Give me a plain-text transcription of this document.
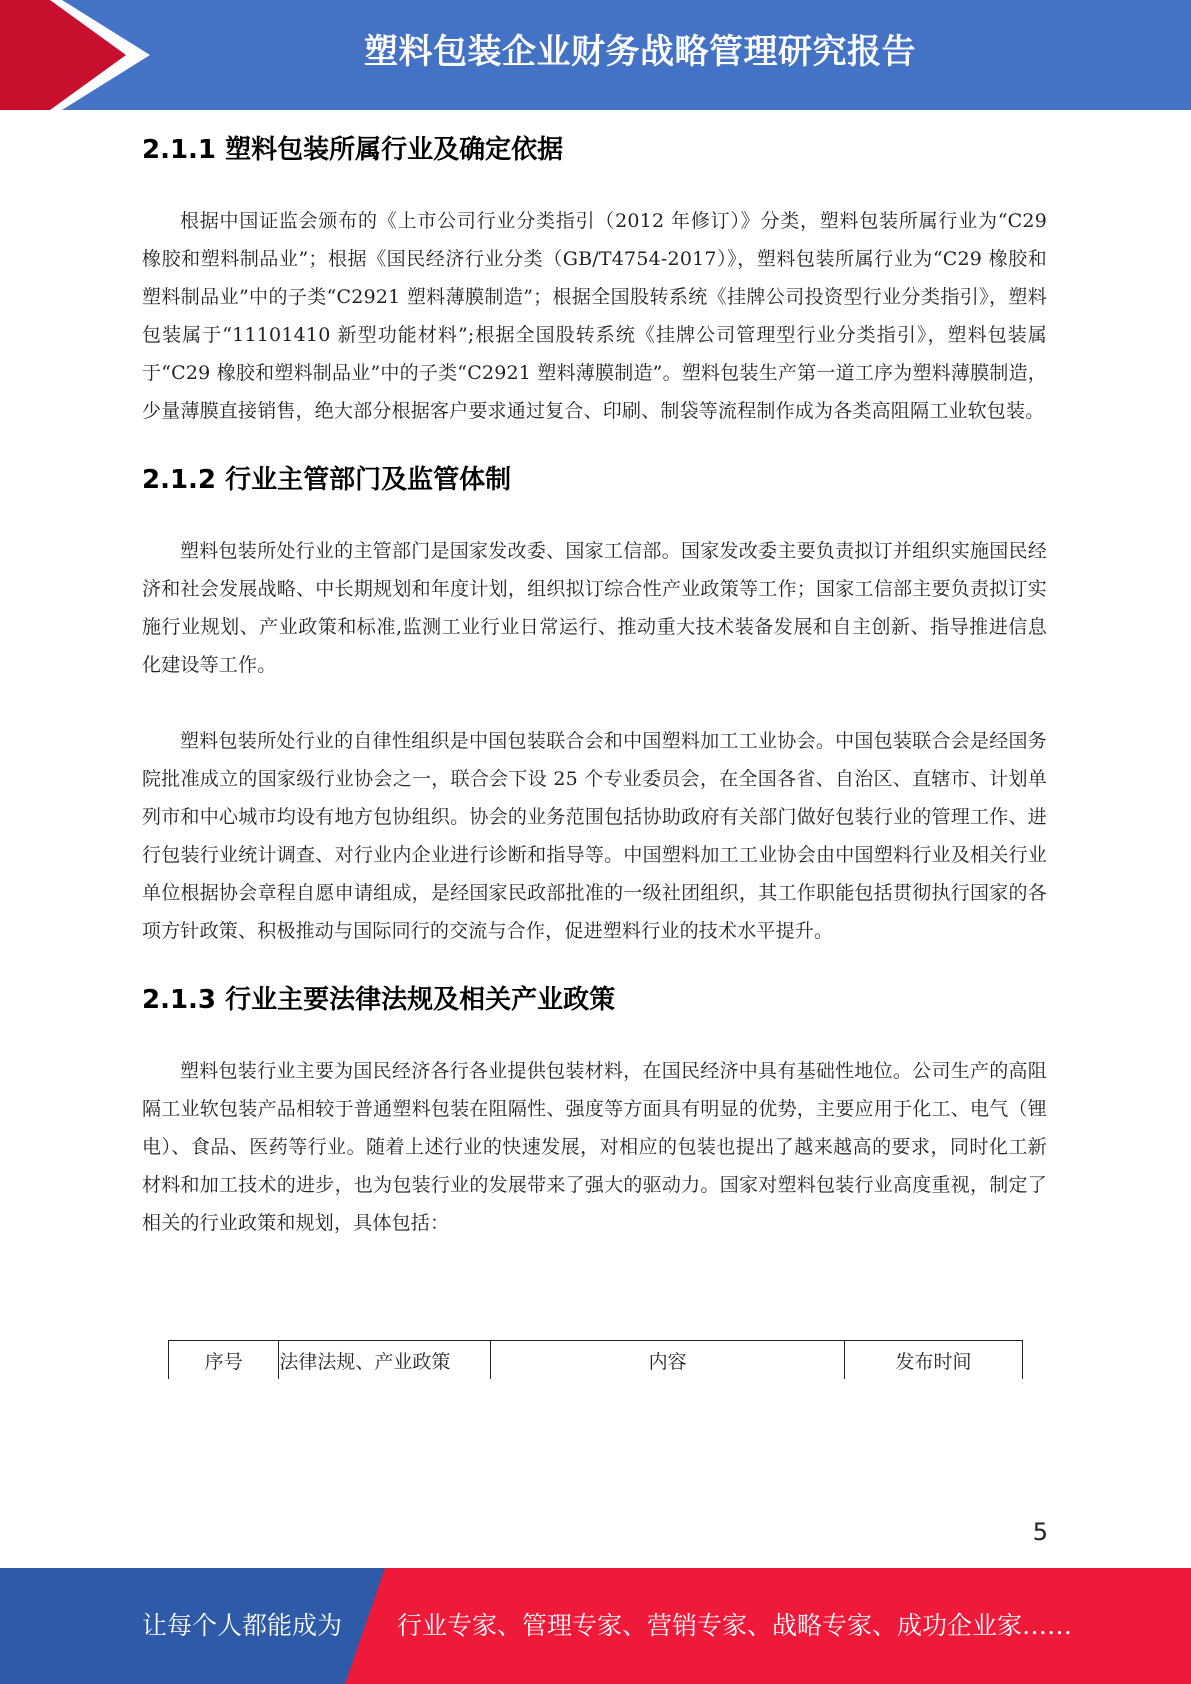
塑料包装企业财务战略管理研究报告
2.1.1 塑料包装所属行业及确定依据

根据中国证监会颁布的《上市公司行业分类指引（2012 年修订）》分类，塑料包装所属行业为“C29 橡胶和塑料制品业”；根据《国民经济行业分类（GB/T4754-2017）》，塑料包装所属行业为“C29 橡胶和塑料制品业”中的子类“C2921 塑料薄膜制造”；根据全国股转系统《挂牌公司投资型行业分类指引》，塑料包装属于“11101410 新型功能材料”;根据全国股转系统《挂牌公司管理型行业分类指引》，塑料包装属于“C29 橡胶和塑料制品业”中的子类“C2921 塑料薄膜制造”。塑料包装生产第一道工序为塑料薄膜制造，少量薄膜直接销售，绝大部分根据客户要求通过复合、印刷、制袋等流程制作成为各类高阻隔工业软包装。

2.1.2 行业主管部门及监管体制

塑料包装所处行业的主管部门是国家发改委、国家工信部。国家发改委主要负责拟订并组织实施国民经济和社会发展战略、中长期规划和年度计划，组织拟订综合性产业政策等工作；国家工信部主要负责拟订实施行业规划、产业政策和标准,监测工业行业日常运行、推动重大技术装备发展和自主创新、指导推进信息化建设等工作。

塑料包装所处行业的自律性组织是中国包装联合会和中国塑料加工工业协会。中国包装联合会是经国务院批准成立的国家级行业协会之一，联合会下设 25 个专业委员会，在全国各省、自治区、直辖市、计划单列市和中心城市均设有地方包协组织。协会的业务范围包括协助政府有关部门做好包装行业的管理工作、进行包装行业统计调查、对行业内企业进行诊断和指导等。中国塑料加工工业协会由中国塑料行业及相关行业单位根据协会章程自愿申请组成，是经国家民政部批准的一级社团组织，其工作职能包括贯彻执行国家的各项方针政策、积极推动与国际同行的交流与合作，促进塑料行业的技术水平提升。

2.1.3 行业主要法律法规及相关产业政策

塑料包装行业主要为国民经济各行各业提供包装材料，在国民经济中具有基础性地位。公司生产的高阻隔工业软包装产品相较于普通塑料包装在阻隔性、强度等方面具有明显的优势，主要应用于化工、电气（锂电）、食品、医药等行业。随着上述行业的快速发展，对相应的包装也提出了越来越高的要求，同时化工新材料和加工技术的进步，也为包装行业的发展带来了强大的驱动力。国家对塑料包装行业高度重视，制定了相关的行业政策和规划，具体包括：

序号	法律法规、产业政策	内容	发布时间
5
让每个人都能成为 行业专家、管理专家、营销专家、战略专家、成功企业家……
